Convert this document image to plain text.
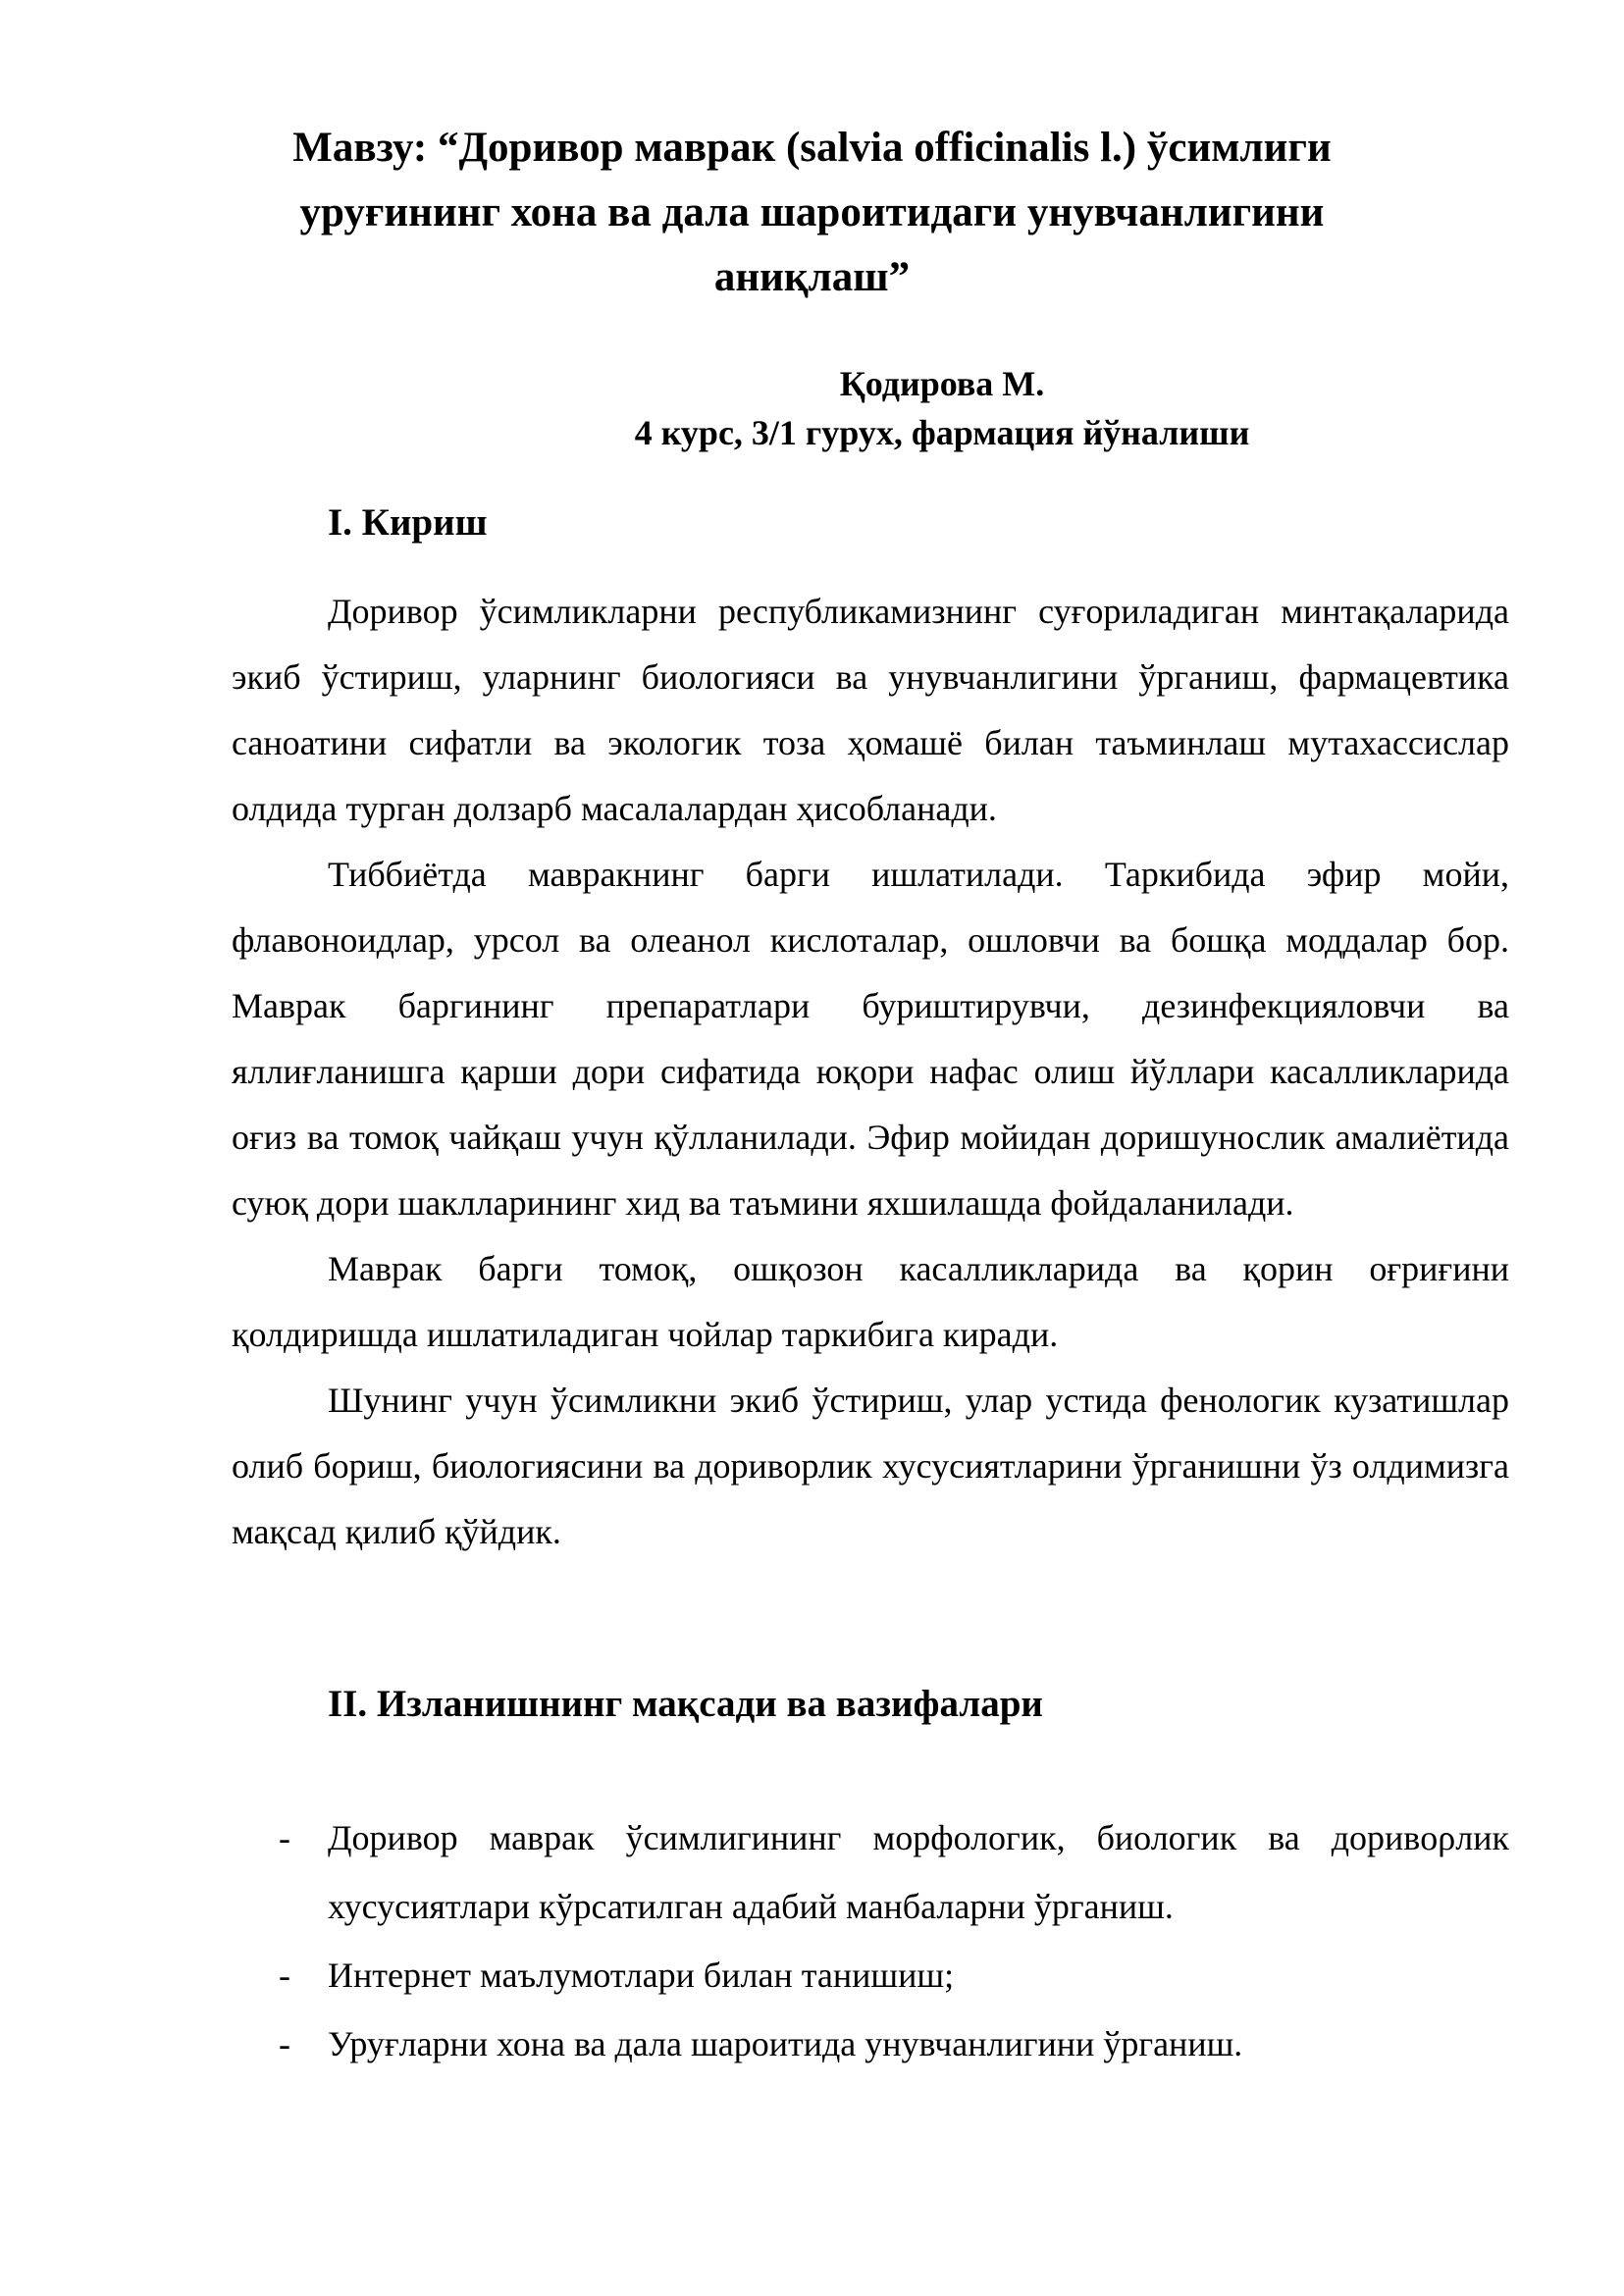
Мавзу: “Доривор маврак (salvia officinalis l.) ўсимлиги
уруғининг хона ва дала шароитидаги унувчанлигини
аниқлаш”
Қодирова М.
4 курс, 3/1 гурух, фармация йўналиши
I. Кириш

Доривор ўсимликларни республикамизнинг суғориладиган минтақаларида экиб ўстириш, уларнинг биологияси ва унувчанлигини ўрганиш, фармацевтика саноатини сифатли ва экологик тоза ҳомашё билан таъминлаш мутахассислар олдида турган долзарб масалалардан ҳисобланади.

Тиббиётда мавракнинг барги ишлатилади. Таркибида эфир мойи, флавоноидлар, урсол ва олеанол кислоталар, ошловчи ва бошқа моддалар бор. Маврак баргининг препаратлари буриштирувчи, дезинфекцияловчи ва яллиғланишга қарши дори сифатида юқори нафас олиш йўллари касалликларида оғиз ва томоқ чайқаш учун қўлланилади. Эфир мойидан доришунослик амалиётида суюқ дори шаклларининг хид ва таъмини яхшилашда фойдаланилади.

Маврак барги томоқ, ошқозон касалликларида ва қорин оғриғини қолдиришда ишлатиладиган чойлар таркибига киради.

Шунинг учун ўсимликни экиб ўстириш, улар устида фенологик кузатишлар олиб бориш, биологиясини ва дориворлик хусусиятларини ўрганишни ўз олдимизга мақсад қилиб қўйдик.

II. Изланишнинг мақсади ва вазифалари
- Доривор маврак ўсимлигининг морфологик, биологик ва доривορлик хусусиятлари кўрсатилган адабий манбаларни ўрганиш.
- Интернет маълумотлари билан танишиш;
- Уруғларни хона ва дала шароитида унувчанлигини ўрганиш.
